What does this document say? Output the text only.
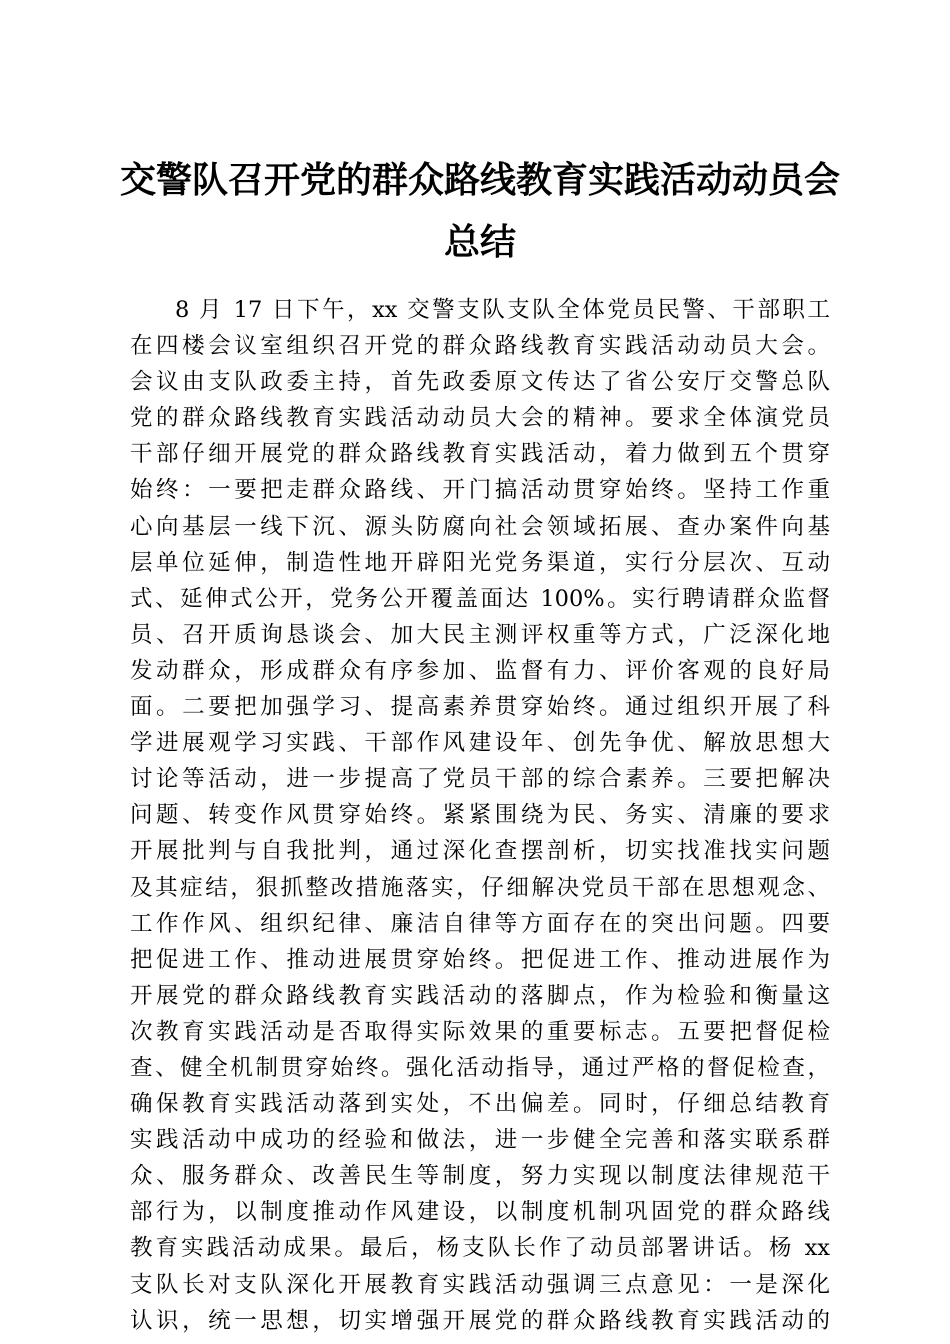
交警队召开党的群众路线教育实践活动动员会
总结
8 月 17 日下午，xx 交警支队支队全体党员民警、干部职工
在四楼会议室组织召开党的群众路线教育实践活动动员大会。
会议由支队政委主持，首先政委原文传达了省公安厅交警总队
党的群众路线教育实践活动动员大会的精神。要求全体演党员
干部仔细开展党的群众路线教育实践活动，着力做到五个贯穿
始终：一要把走群众路线、开门搞活动贯穿始终。坚持工作重
心向基层一线下沉、源头防腐向社会领域拓展、查办案件向基
层单位延伸，制造性地开辟阳光党务渠道，实行分层次、互动
式、延伸式公开，党务公开覆盖面达 100%。实行聘请群众监督
员、召开质询恳谈会、加大民主测评权重等方式，广泛深化地
发动群众，形成群众有序参加、监督有力、评价客观的良好局
面。二要把加强学习、提高素养贯穿始终。通过组织开展了科
学进展观学习实践、干部作风建设年、创先争优、解放思想大
讨论等活动，进一步提高了党员干部的综合素养。三要把解决
问题、转变作风贯穿始终。紧紧围绕为民、务实、清廉的要求
开展批判与自我批判，通过深化查摆剖析，切实找准找实问题
及其症结，狠抓整改措施落实，仔细解决党员干部在思想观念、
工作作风、组织纪律、廉洁自律等方面存在的突出问题。四要
把促进工作、推动进展贯穿始终。把促进工作、推动进展作为
开展党的群众路线教育实践活动的落脚点，作为检验和衡量这
次教育实践活动是否取得实际效果的重要标志。五要把督促检
查、健全机制贯穿始终。强化活动指导，通过严格的督促检查，
确保教育实践活动落到实处，不出偏差。同时，仔细总结教育
实践活动中成功的经验和做法，进一步健全完善和落实联系群
众、服务群众、改善民生等制度，努力实现以制度法律规范干
部行为，以制度推动作风建设，以制度机制巩固党的群众路线
教育实践活动成果。最后，杨支队长作了动员部署讲话。杨 xx
支队长对支队深化开展教育实践活动强调三点意见：一是深化
认识，统一思想，切实增强开展党的群众路线教育实践活动的
